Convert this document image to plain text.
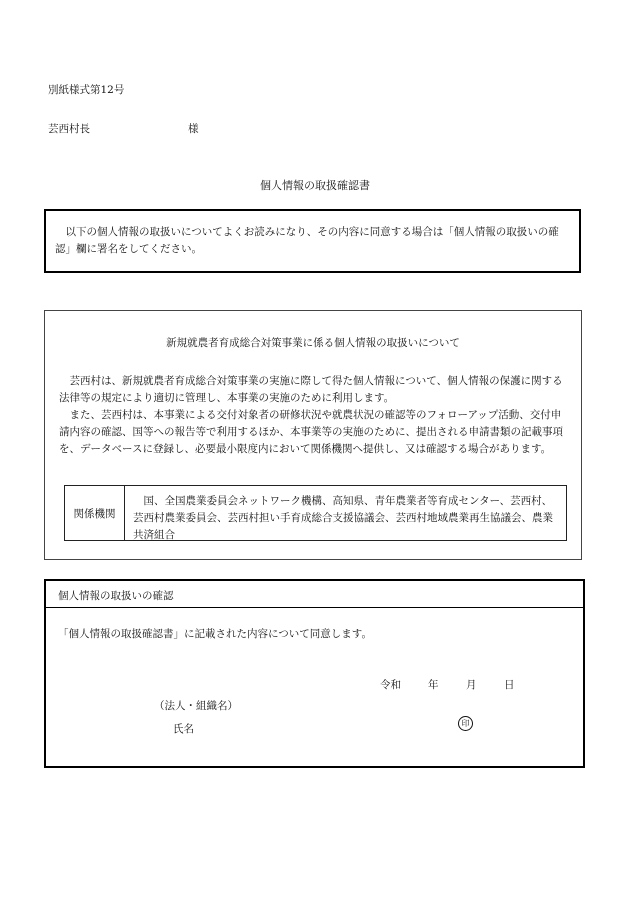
別紙様式第12号
芸西村長	様
個人情報の取扱確認書

以下の個人情報の取扱いについてよくお読みになり、その内容に同意する場合は「個人情報の取扱いの確認」欄に署名をしてください。

新規就農者育成総合対策事業に係る個人情報の取扱いについて

芸西村は、新規就農者育成総合対策事業の実施に際して得た個人情報について、個人情報の保護に関する法律等の規定により適切に管理し、本事業の実施のために利用します。

また、芸西村は、本事業による交付対象者の研修状況や就農状況の確認等のフォローアップ活動、交付申請内容の確認、国等への報告等で利用するほか、本事業等の実施のために、提出される申請書類の記載事項を、データベースに登録し、必要最小限度内において関係機関へ提供し、又は確認する場合があります。

関係機関
国、全国農業委員会ネットワーク機構、高知県、青年農業者等育成センター、芸西村、芸西村農業委員会、芸西村担い手育成総合支援協議会、芸西村地域農業再生協議会、農業共済組合
個人情報の取扱いの確認
「個人情報の取扱確認書」に記載された内容について同意します。
令和	年	月	日
（法人・組織名）
氏名	印
